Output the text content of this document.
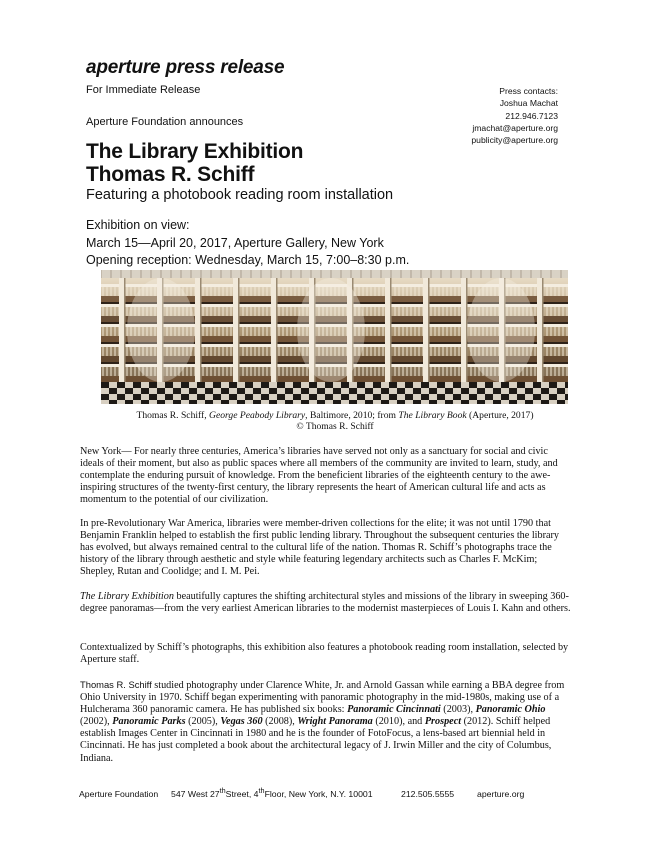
aperture press release
For Immediate Release
Aperture Foundation announces
Press contacts:
Joshua Machat
212.946.7123
jmachat@aperture.org
publicity@aperture.org
The Library Exhibition
Thomas R. Schiff
Featuring a photobook reading room installation
Exhibition on view:
March 15—April 20, 2017, Aperture Gallery, New York
Opening reception: Wednesday, March 15, 7:00–8:30 p.m.
Thomas R. Schiff, George Peabody Library, Baltimore, 2010; from The Library Book (Aperture, 2017)
© Thomas R. Schiff
New York— For nearly three centuries, America’s libraries have served not only as a sanctuary for social and civic ideals of their moment, but also as public spaces where all members of the community are invited to learn, study, and contemplate the enduring pursuit of knowledge. From the beneficient libraries of the eighteenth century to the awe-inspiring structures of the twenty-first century, the library represents the heart of American cultural life and acts as momentum to the potential of our civilization.
In pre-Revolutionary War America, libraries were member-driven collections for the elite; it was not until 1790 that Benjamin Franklin helped to establish the first public lending library. Throughout the subsequent centuries the library has evolved, but always remained central to the cultural life of the nation. Thomas R. Schiff’s photographs trace the history of the library through aesthetic and style while featuring legendary architects such as Charles F. McKim; Shepley, Rutan and Coolidge; and I. M. Pei.
The Library Exhibition beautifully captures the shifting architectural styles and missions of the library in sweeping 360-degree panoramas—from the very earliest American libraries to the modernist masterpieces of Louis I. Kahn and others.
Contextualized by Schiff’s photographs, this exhibition also features a photobook reading room installation, selected by Aperture staff.
Thomas R. Schiff studied photography under Clarence White, Jr. and Arnold Gassan while earning a BBA degree from Ohio University in 1970. Schiff began experimenting with panoramic photography in the mid-1980s, making use of a Hulcherama 360 panoramic camera. He has published six books: Panoramic Cincinnati (2003), Panoramic Ohio (2002), Panoramic Parks (2005), Vegas 360 (2008), Wright Panorama (2010), and Prospect (2012). Schiff helped establish Images Center in Cincinnati in 1980 and he is the founder of FotoFocus, a lens-based art biennial held in Cincinnati. He has just completed a book about the architectural legacy of J. Irwin Miller and the city of Columbus, Indiana.
Aperture Foundation 547 West 27thStreet, 4thFloor, New York, N.Y. 10001	212.505.5555	aperture.org
